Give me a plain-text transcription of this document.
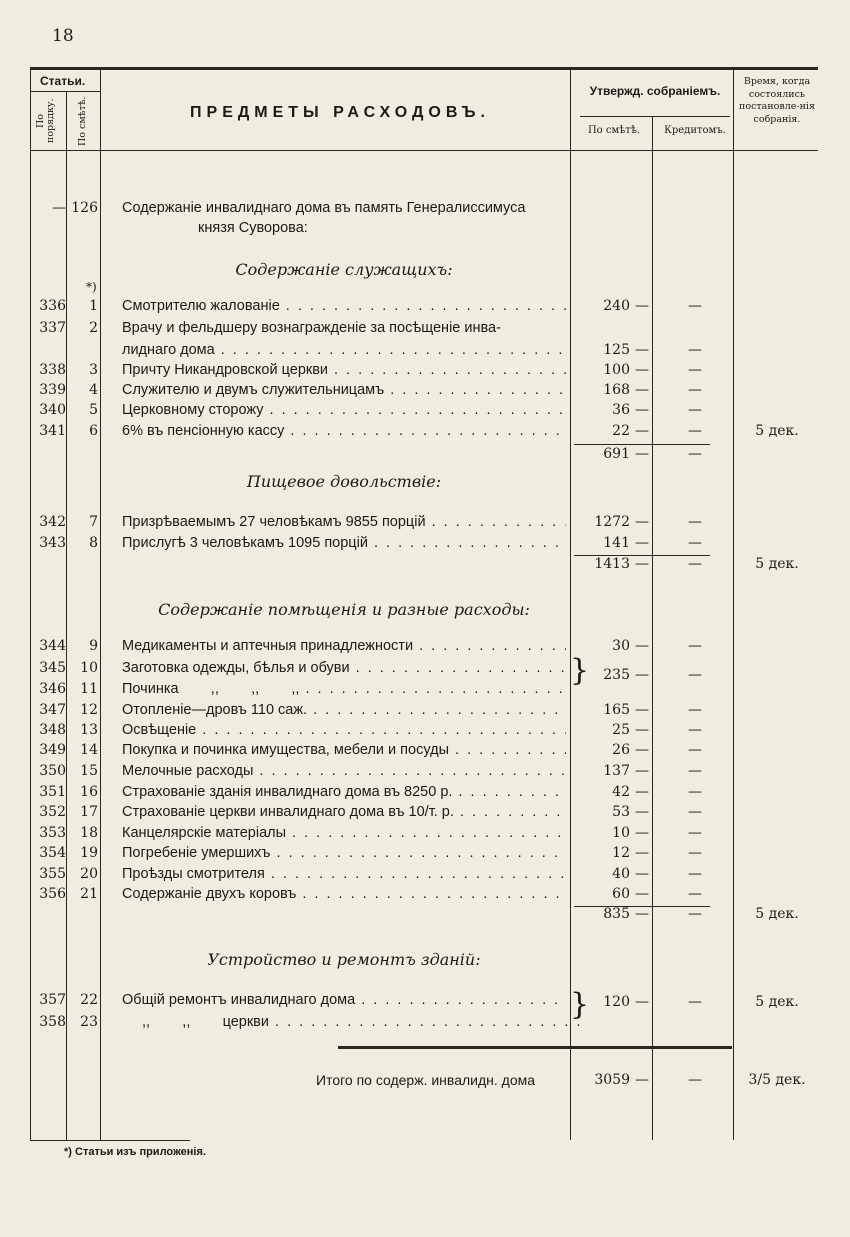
18
Статьи.
По порядку. По смѣтѣ.	ПРЕДМЕТЫ РАСХОДОВЪ.
Утвержд. собраніемъ.
По смѣтѣ.	Кредитомъ.
Время, когда состоялись постановле-нія собранія.
— 126 Содержаніе инвалиднаго дома въ память Генералиссимуса
князя Суворова:
Содержаніе служащихъ:
*)
336	1 Смотрителю жалованіе . . .	240 —	—
337	2 Врачу и фельдшеру вознагражденіе за посѣщеніе инва-
лиднаго дома . . .	125 —	—
338	3 Причту Никандровской церкви . . .	100 —	—
339	4 Служителю и двумъ служительницамъ . . .	168 —	—
340	5 Церковному сторожу . . .	36 —	—
341	6 6% въ пенсіонную кассу . . .	22 —	—	5 дек.
691 —	—
Пищевое довольствіе:
342	7 Призрѣваемымъ 27 человѣкамъ 9855 порцій . . .	1272 —	—
343	8 Прислугѣ 3 человѣкамъ 1095 порцій . . .	141 —	—
1413 —	—	5 дек.
Содержаніе помѣщенія и разные расходы:
344	9 Медикаменты и аптечныя принадлежности . . .	30 —	—
345	10 Заготовка одежды, бѣлья и обуви . . .	235 —	—
}
346	11 Починка        ,,        ,,        ,, . . .
347	12 Отопленіе—дровъ 110 саж. . . .	165 —	—
348	13 Освѣщеніе . . .	25 —	—
349	14 Покупка и починка имущества, мебели и посуды . . .	26 —	—
350	15 Мелочные расходы . . .	137 —	—
351	16 Страхованіе зданія инвалиднаго дома въ 8250 р. . . .	42 —	—
352	17 Страхованіе церкви инвалиднаго дома въ 10/т. р. . . .	53 —	—
353	18 Канцелярскіе матеріалы . . .	10 —	—
354	19 Погребеніе умершихъ . . .	12 —	—
355	20 Проѣзды смотрителя . . .	40 —	—
356	21 Содержаніе двухъ коровъ . . .	60 —	—
835 —	—	5 дек.
Устройство и ремонтъ зданій:
357	22 Общій ремонтъ инвалиднаго дома . . .	120 —	—	5 дек.
}
358	23	,,        ,,        церкви . . .
Итого по содерж. инвалидн. дома	3059 —	—	3/5 дек.
*) Статьи изъ приложенія.
